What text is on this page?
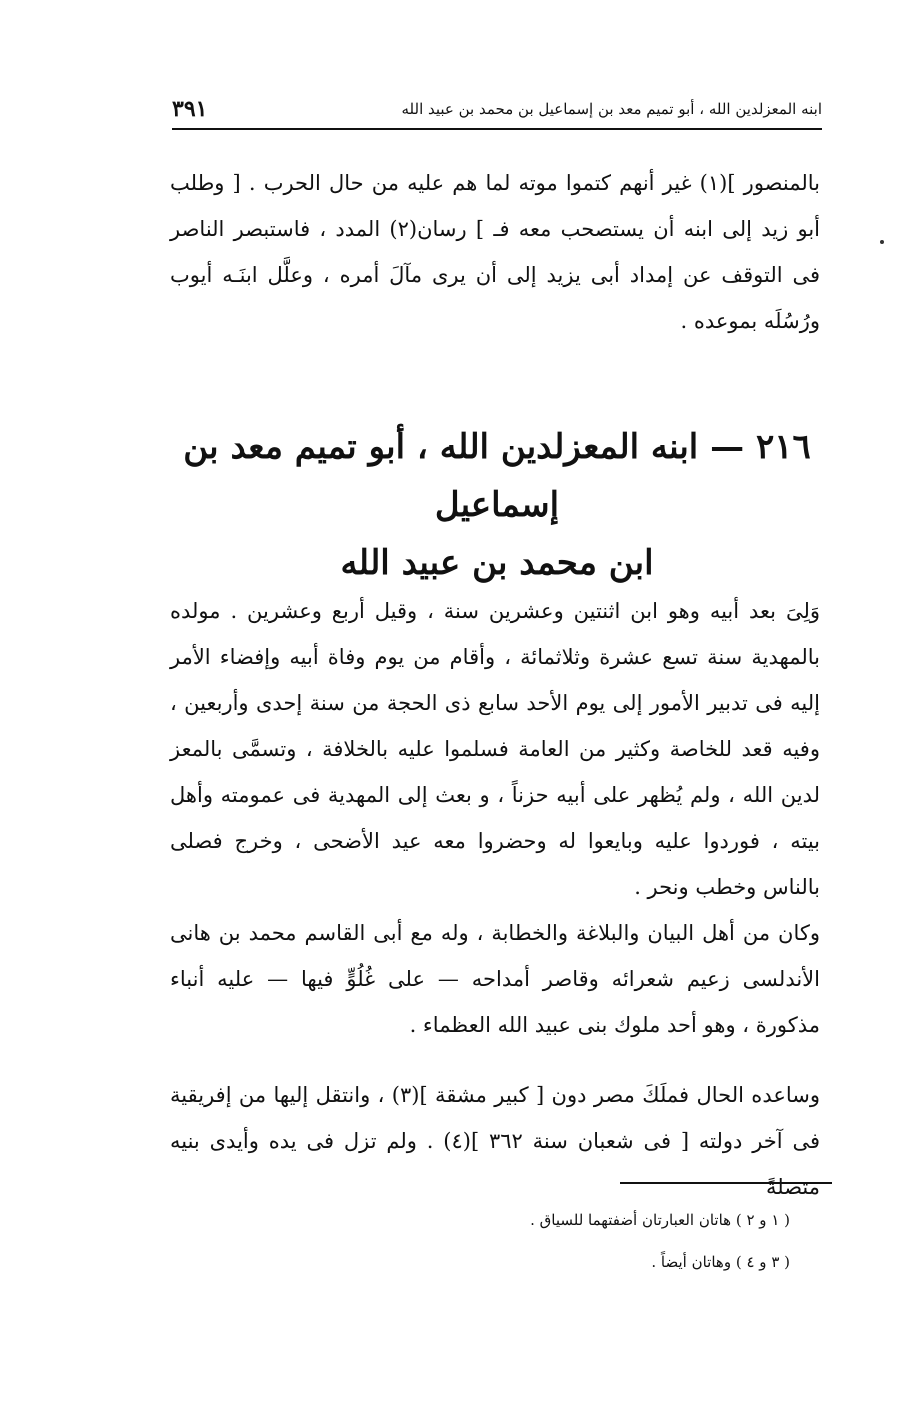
ابنه المعزلدين الله ، أبو تميم معد بن إسماعيل بن محمد بن عبيد الله
٣٩١

بالمنصور ](١) غير أنهم كتموا موته لما هم عليه من حال الحرب . [ وطلب أبو زيد إلى ابنه أن يستصحب معه فـ ] رسان(٢) المدد ، فاستبصر الناصر فى التوقف عن إمداد أبى يزيد إلى أن يرى مآلَ أمره ، وعلَّل ابنَـه أيوب ورُسُلَه بموعده .

٢١٦ — ابنه المعزلدين الله ، أبو تميم معد بن إسماعيل
ابن محمد بن عبيد الله

وَلِىَ بعد أبيه وهو ابن اثنتين وعشرين سنة ، وقيل أربع وعشرين . مولده بالمهدية سنة تسع عشرة وثلاثمائة ، وأقام من يوم وفاة أبيه وإفضاء الأمر إليه فى تدبير الأمور إلى يوم الأحد سابع ذى الحجة من سنة إحدى وأربعين ، وفيه قعد للخاصة وكثير من العامة فسلموا عليه بالخلافة ، وتسمَّى بالمعز لدين الله ، ولم يُظهر على أبيه حزناً ، و بعث إلى المهدية فى عمومته وأهل بيته ، فوردوا عليه وبايعوا له وحضروا معه عيد الأضحى ، وخرج فصلى بالناس وخطب ونحر .

وكان من أهل البيان والبلاغة والخطابة ، وله مع أبى القاسم محمد بن هانى الأندلسى زعيم شعرائه وقاصر أمداحه — على غُلُوٍّ فيها — عليه أنباء مذكورة ، وهو أحد ملوك بنى عبيد الله العظماء .

وساعده الحال فملَكَ مصر دون [ كبير مشقة ](٣) ، وانتقل إليها من إفريقية فى آخر دولته [ فى شعبان سنة ٣٦٢ ](٤) . ولم تزل فى يده وأيدى بنيه متصلةً

( ١ و ٢ ) هاتان العبارتان أضفتهما للسياق .
( ٣ و ٤ ) وهاتان أيضاً .
